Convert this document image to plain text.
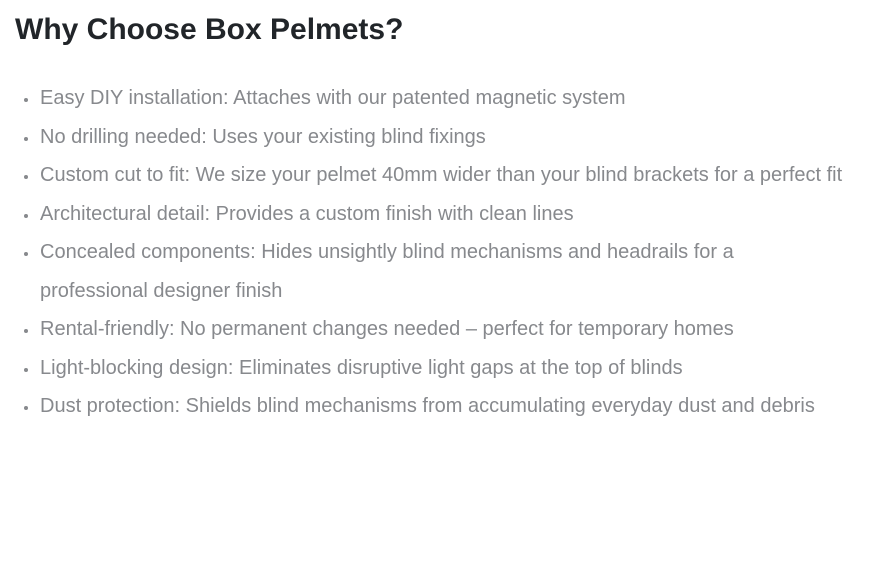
Why Choose Box Pelmets?
• Easy DIY installation: Attaches with our patented magnetic system
• No drilling needed: Uses your existing blind fixings
• Custom cut to fit: We size your pelmet 40mm wider than your blind brackets for a perfect fit
• Architectural detail: Provides a custom finish with clean lines
• Concealed components: Hides unsightly blind mechanisms and headrails for a professional designer finish
• Rental-friendly: No permanent changes needed – perfect for temporary homes
• Light-blocking design: Eliminates disruptive light gaps at the top of blinds
• Dust protection: Shields blind mechanisms from accumulating everyday dust and debris
